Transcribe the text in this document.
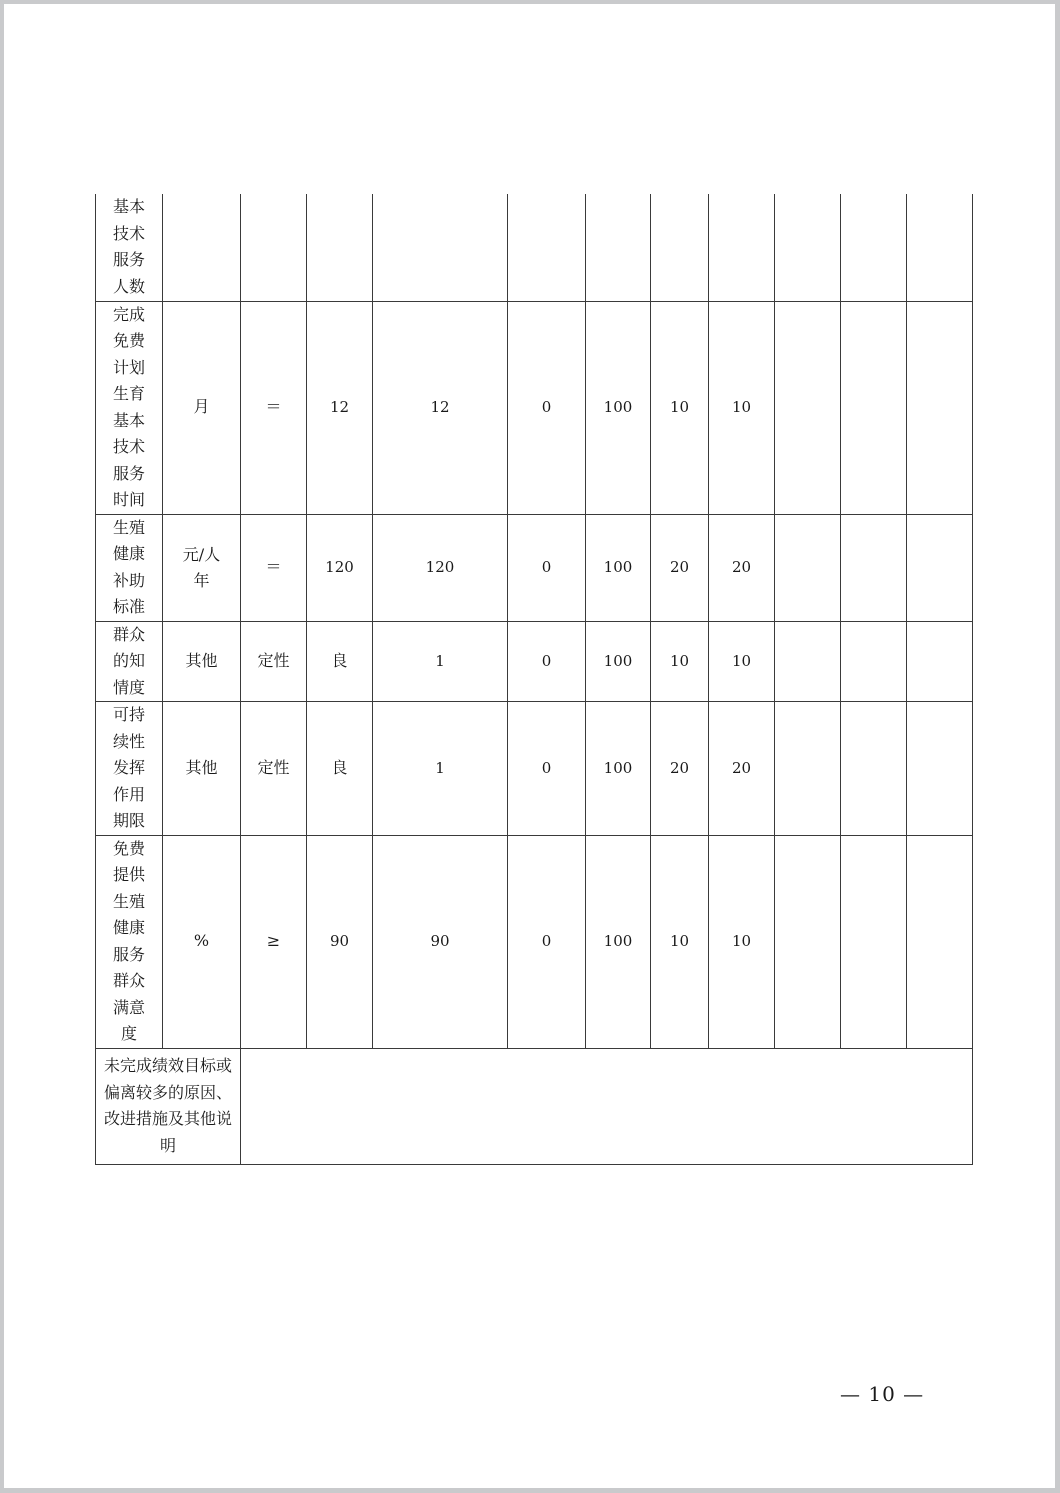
基本技术服务人数											
完成免费计划生育基本技术服务时间	月	＝	12	12	0	100	10	10			
生殖健康补助标准	元/人年	＝	120	120	0	100	20	20			
群众的知情度	其他	定性	良	1	0	100	10	10			
可持续性发挥作用期限	其他	定性	良	1	0	100	20	20			
免费提供生殖健康服务群众满意度	%	≥	90	90	0	100	10	10			
未完成绩效目标或偏离较多的原因、改进措施及其他说明											
— 10 —
